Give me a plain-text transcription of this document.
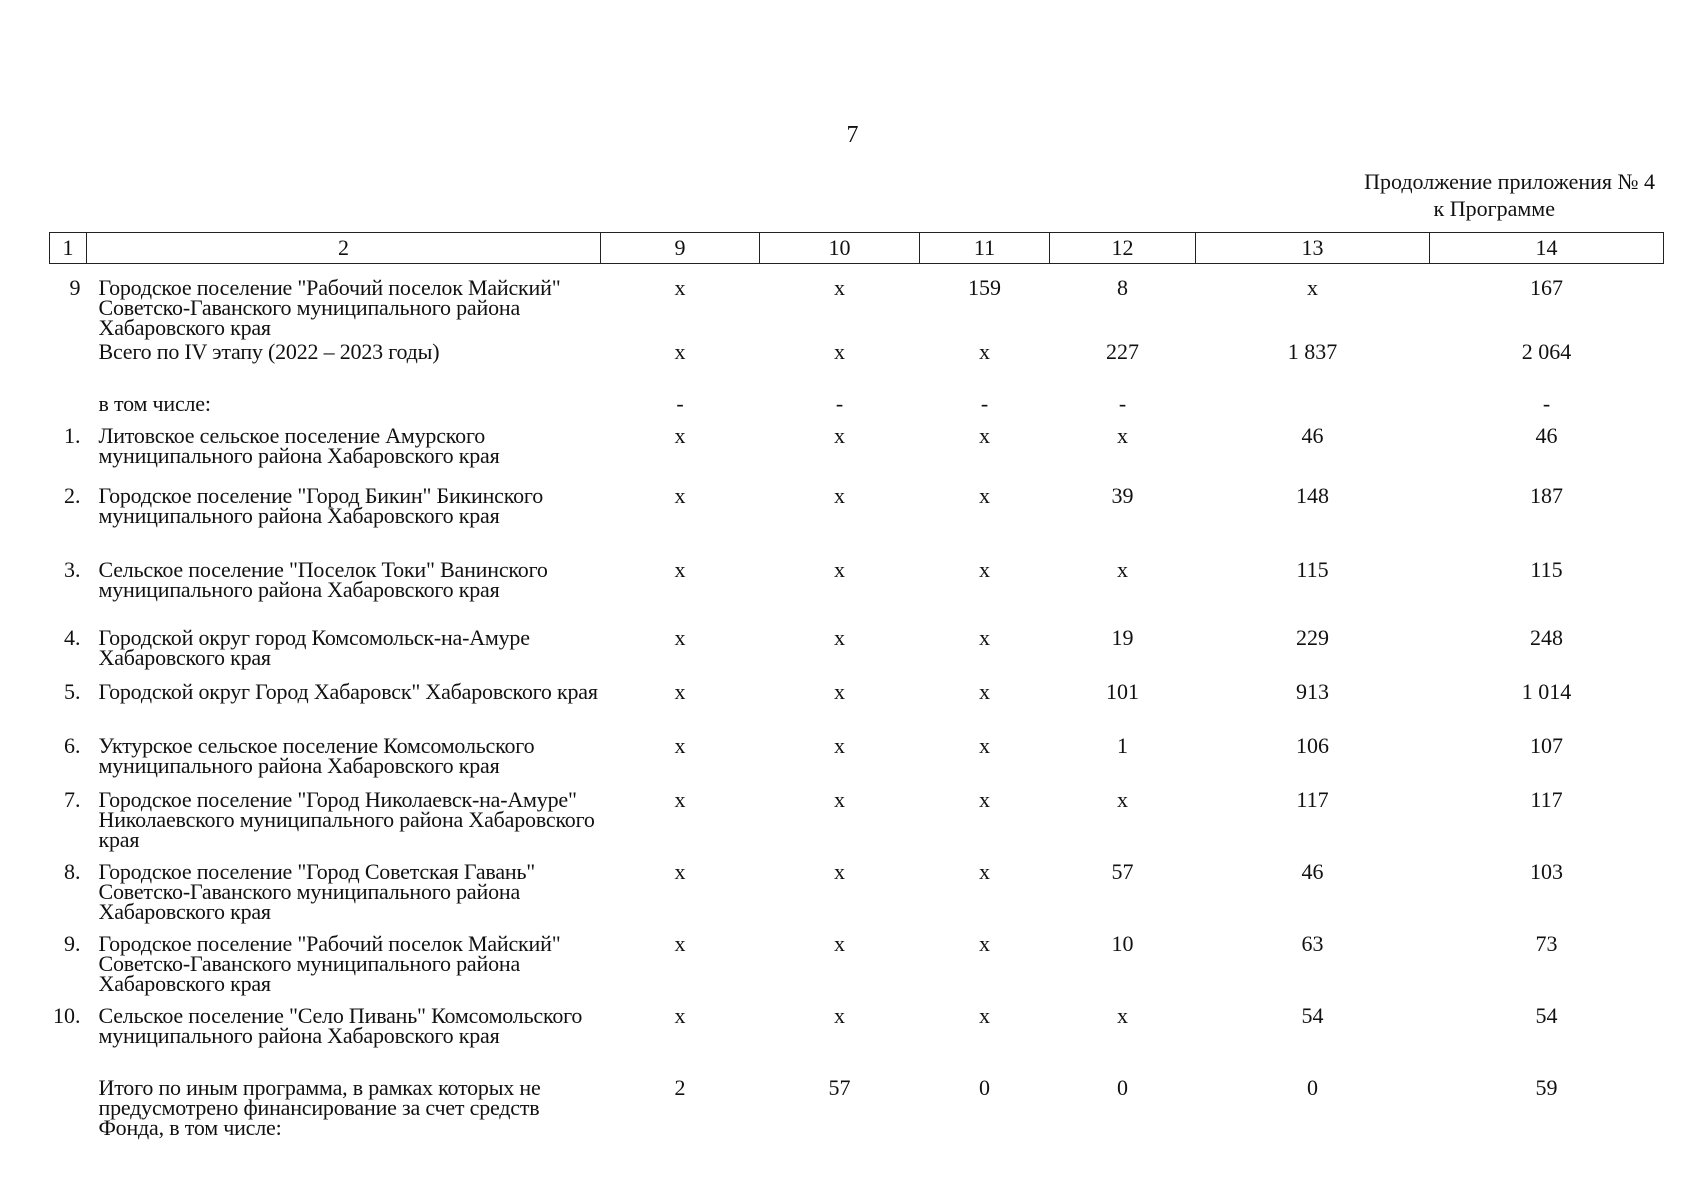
7
Продолжение приложения № 4
к Программе
1	2	9	10	11	12	13	14

9	Городское поселение "Рабочий поселок Майский" Советско-Гаванского муниципального района Хабаровского края	х	х	159	8	х	167
	Всего по IV этапу (2022 – 2023 годы)	х	х	х	227	1 837	2 064
	в том числе:	-	-	-	-		-
1.	Литовское сельское поселение Амурского муниципального района Хабаровского края	х	х	х	х	46	46
2.	Городское поселение "Город Бикин" Бикинского муниципального района Хабаровского края	х	х	х	39	148	187
3.	Сельское поселение "Поселок Токи" Ванинского муниципального района Хабаровского края	х	х	х	х	115	115
4.	Городской округ город Комсомольск-на-Амуре Хабаровского края	х	х	х	19	229	248
5.	Городской округ Город Хабаровск" Хабаровского края	х	х	х	101	913	1 014
6.	Уктурское сельское поселение Комсомольского муниципального района Хабаровского края	х	х	х	1	106	107
7.	Городское поселение "Город Николаевск-на-Амуре" Николаевского муниципального района Хабаровского края	х	х	х	х	117	117
8.	Городское поселение "Город Советская Гавань" Советско-Гаванского муниципального района Хабаровского края	х	х	х	57	46	103
9.	Городское поселение "Рабочий поселок Майский" Советско-Гаванского муниципального района Хабаровского края	х	х	х	10	63	73
10.	Сельское поселение "Село Пивань" Комсомольского муниципального района Хабаровского края	х	х	х	х	54	54
	Итого по иным программа, в рамках которых не предусмотрено финансирование за счет средств Фонда, в том числе:	2	57	0	0	0	59
